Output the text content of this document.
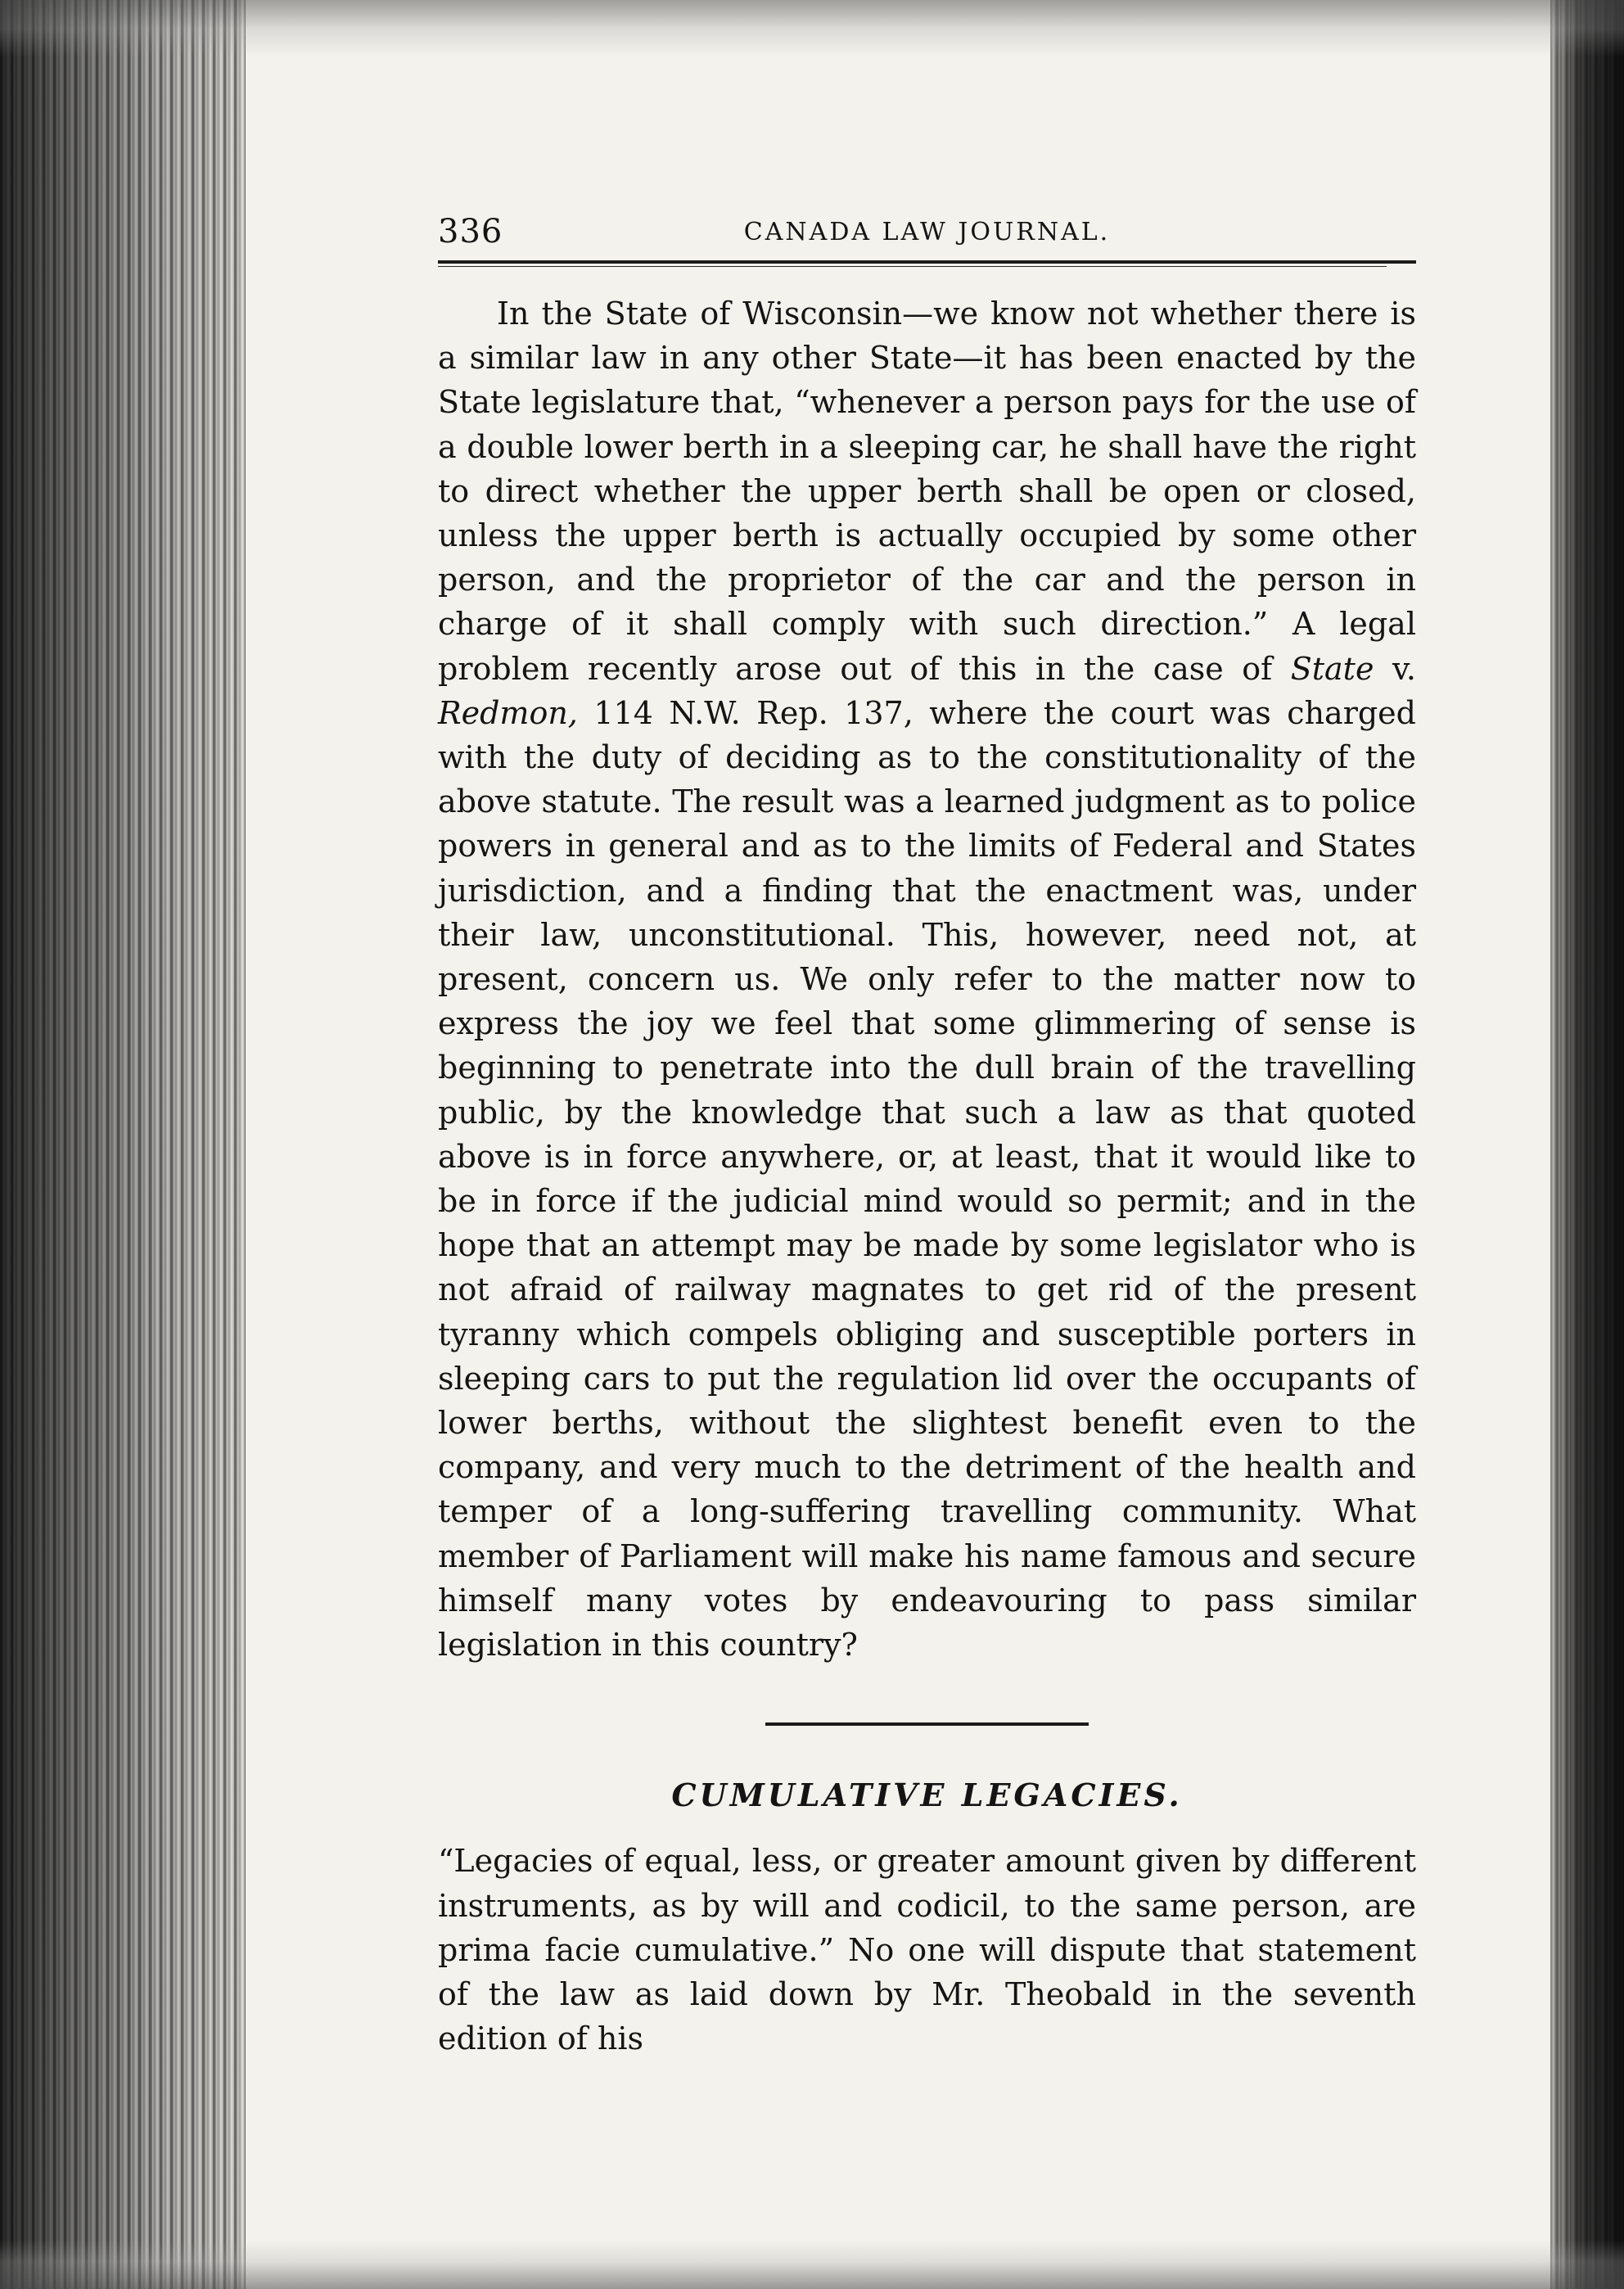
336	CANADA LAW JOURNAL.

In the State of Wisconsin—we know not whether there is a similar law in any other State—it has been enacted by the State legislature that, “whenever a person pays for the use of a double lower berth in a sleeping car, he shall have the right to direct whether the upper berth shall be open or closed, unless the upper berth is actually occupied by some other person, and the proprietor of the car and the person in charge of it shall comply with such direction.” A legal problem recently arose out of this in the case of State v. Redmon, 114 N.W. Rep. 137, where the court was charged with the duty of deciding as to the constitutionality of the above statute. The result was a learned judgment as to police powers in general and as to the limits of Federal and States jurisdiction, and a finding that the enactment was, under their law, unconstitutional. This, however, need not, at present, concern us. We only refer to the matter now to express the joy we feel that some glimmering of sense is beginning to penetrate into the dull brain of the travelling public, by the knowledge that such a law as that quoted above is in force anywhere, or, at least, that it would like to be in force if the judicial mind would so permit; and in the hope that an attempt may be made by some legislator who is not afraid of railway magnates to get rid of the present tyranny which compels obliging and susceptible porters in sleeping cars to put the regulation lid over the occupants of lower berths, without the slightest benefit even to the company, and very much to the detriment of the health and temper of a long-suffering travelling community. What member of Parliament will make his name famous and secure himself many votes by endeavouring to pass similar legislation in this country?

CUMULATIVE LEGACIES.

“Legacies of equal, less, or greater amount given by different instruments, as by will and codicil, to the same person, are prima facie cumulative.” No one will dispute that statement of the law as laid down by Mr. Theobald in the seventh edition of his
